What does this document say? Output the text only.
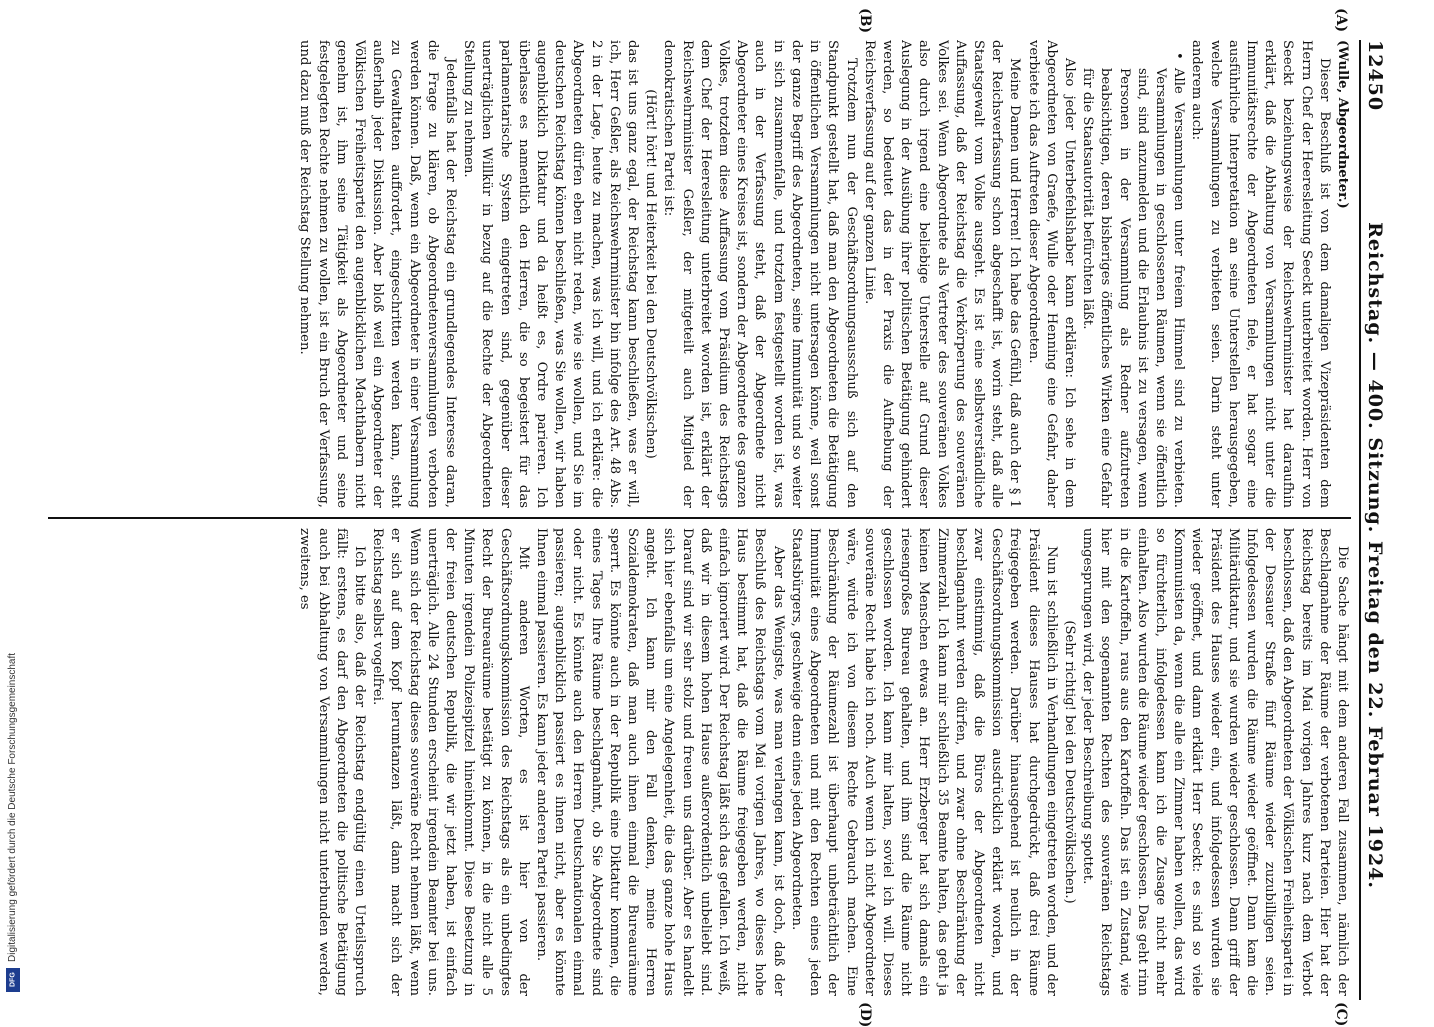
12450
Reichstag. — 400. Sitzung. Freitag den 22. Februar 1924.
(A)
(B)
(C)
(D)

(Wulle, Abgeordneter.)

Dieser Beschluß ist von dem damaligen Vizepräsidenten dem Herrn Chef der Heeresleitung Seeckt unterbreitet worden. Herr von Seeckt beziehungsweise der Reichswehrminister hat daraufhin erklärt, daß die Abhaltung von Versammlungen nicht unter die Immunitätsrechte der Abgeordneten fiele, er hat sogar eine ausführliche Interpretation an seine Unterstellen herausgegeben, welche Versammlungen zu verbieten seien. Darin steht unter anderem auch:

• Alle Versammlungen unter freiem Himmel sind zu verbieten. Versammlungen in geschlossenen Räumen, wenn sie öffentlich sind, sind anzumelden und die Erlaubnis ist zu versagen, wenn Personen in der Versammlung als Redner aufzutreten beabsichtigen, deren bisheriges öffentliches Wirken eine Gefahr für die Staatsautorität befürchten läßt.

Also jeder Unterbefehlshaber kann erklären: Ich sehe in dem Abgeordneten von Graefe, Wulle oder Henning eine Gefahr, daher verbiete ich das Auftreten dieser Abgeordneten.

Meine Damen und Herren! Ich habe das Gefühl, daß auch der § 1 der Reichsverfassung schon abgeschafft ist, worin steht, daß alle Staatsgewalt vom Volke ausgeht. Es ist eine selbstverständliche Auffassung, daß der Reichstag die Verkörperung des souveränen Volkes sei. Wenn Abgeordnete als Vertreter des souveränen Volkes also durch irgend eine beliebige Unterstelle auf Grund dieser Auslegung in der Ausübung ihrer politischen Betätigung gehindert werden, so bedeutet das in der Praxis die Aufhebung der Reichsverfassung auf der ganzen Linie.

Trotzdem nun der Geschäftsordnungsausschuß sich auf den Standpunkt gestellt hat, daß man den Abgeordneten die Betätigung in öffentlichen Versammlungen nicht untersagen könne, weil sonst der ganze Begriff des Abgeordneten, seine Immunität und so weiter in sich zusammenfalle, und trotzdem festgestellt worden ist, was auch in der Verfassung steht, daß der Abgeordnete nicht Abgeordneter eines Kreises ist, sondern der Abgeordnete des ganzen Volkes, trotzdem diese Auffassung vom Präsidium des Reichstags dem Chef der Heeresleitung unterbreitet worden ist, erklärt der Reichswehrminister Geßler, der mitgeteilt auch Mitglied der demokratischen Partei ist:

(Hört! hört! und Heiterkeit bei den Deutschvölkischen)

das ist uns ganz egal, der Reichstag kann beschließen, was er will, ich, Herr Geßler, als Reichswehrminister bin infolge des Art. 48 Abs. 2 in der Lage, heute zu machen, was ich will, und ich erkläre: die Abgeordneten dürfen eben nicht reden, wie sie wollen, und Sie im deutschen Reichstag können beschließen, was Sie wollen, wir haben augenblicklich Diktatur und da heißt es, Ordre parieren. Ich überlasse es namentlich den Herren, die so begeistert für das parlamentarische System eingetreten sind, gegenüber dieser unerträglichen Willkür in bezug auf die Rechte der Abgeordneten Stellung zu nehmen.

Jedenfalls hat der Reichstag ein grundlegendes Interesse daran, die Frage zu klären, ob Abgeordnetenversammlungen verboten werden können. Daß, wenn ein Abgeordneter in einer Versammlung zu Gewalttaten auffordert, eingeschritten werden kann, steht außerhalb jeder Diskussion. Aber bloß weil ein Abgeordneter der Völkischen Freiheitspartei den augenblicklichen Machthabern nicht genehm ist, ihm seine Tätigkeit als Abgeordneter und seine festgelegten Rechte nehmen zu wollen, ist ein Bruch der Verfassung, und dazu muß der Reichstag Stellung nehmen.

Die Sache hängt mit dem anderen Fall zusammen, nämlich der Beschlagnahme der Räume der verbotenen Parteien. Hier hat der Reichstag bereits im Mai vorigen Jahres kurz nach dem Verbot beschlossen, daß den Abgeordneten der Völkischen Freiheitspartei in der Dessauer Straße fünf Räume wieder zuzubilligen seien. Infolgedessen wurden die Räume wieder geöffnet. Dann kam die Militärdiktatur, und sie wurden wieder geschlossen. Dann griff der Präsident des Hauses wieder ein, und infolgedessen wurden sie wieder geöffnet, und dann erklärt Herr Seeckt: es sind so viele Kommunisten da, wenn die alle ein Zimmer haben wollen, das wird so fürchterlich, infolgedessen kann ich die Zusage nicht mehr einhalten. Also wurden die Räume wieder geschlossen. Das geht rinn in die Kartoffeln, raus aus den Kartoffeln. Das ist ein Zustand, wie hier mit den sogenannten Rechten des souveränen Reichstags umgesprungen wird, der jeder Beschreibung spottet.

(Sehr richtig! bei den Deutschvölkischen.)

Nun ist schließlich in Verhandlungen eingetreten worden, und der Präsident dieses Hauses hat durchgedrückt, daß drei Räume freigegeben werden. Darüber hinausgehend ist neulich in der Geschäftsordnungskommission ausdrücklich erklärt worden, und zwar einstimmig, daß die Büros der Abgeordneten nicht beschlagnahmt werden dürfen, und zwar ohne Beschränkung der Zimmerzahl. Ich kann mir schließlich 35 Beamte halten, das geht ja keinen Menschen etwas an. Herr Erzberger hat sich damals ein riesengroßes Bureau gehalten, und ihm sind die Räume nicht geschlossen worden. Ich kann mir halten, soviel ich will. Dieses souveräne Recht habe ich noch. Auch wenn ich nicht Abgeordneter wäre, würde ich von diesem Rechte Gebrauch machen. Eine Beschränkung der Räumezahl ist überhaupt unbeträchtlich der Immunität eines Abgeordneten und mit den Rechten eines jeden Staatsbürgers, geschweige denn eines jeden Abgeordneten.

Aber das Wenigste, was man verlangen kann, ist doch, daß der Beschluß des Reichstags vom Mai vorigen Jahres, wo dieses hohe Haus bestimmt hat, daß die Räume freigegeben werden, nicht einfach ignoriert wird. Der Reichstag läßt sich das gefallen. Ich weiß, daß wir in diesem hohen Hause außerordentlich unbeliebt sind. Darauf sind wir sehr stolz und freuen uns darüber. Aber es handelt sich hier ebenfalls um eine Angelegenheit, die das ganze hohe Haus angeht. Ich kann mir den Fall denken, meine Herren Sozialdemokraten, daß man auch ihnen einmal die Bureauräume sperrt. Es könnte auch in der Republik eine Diktatur kommen, die eines Tages Ihre Räume beschlagnahmt, ob Sie Abgeordnete sind oder nicht. Es könnte auch den Herren Deutschnationalen einmal passieren; augenblicklich passiert es ihnen nicht, aber es könnte Ihnen einmal passieren. Es kann jeder anderen Partei passieren.

Mit anderen Worten, es ist hier von der Geschäftsordnungskommission des Reichstags als ein unbedingtes Recht der Bureauräume bestätigt zu können, in die nicht alle 5 Minuten irgendein Polizeispitzel hineinkommt. Diese Besetzung in der freien deutschen Republik, die wir jetzt haben, ist einfach unerträglich. Alle 24 Stunden erscheint irgendein Beamter bei uns. Wenn sich der Reichstag dieses souveräne Recht nehmen läßt, wenn er sich auf dem Kopf herumtanzen läßt, dann macht sich der Reichstag selbst vogelfrei.

Ich bitte also, daß der Reichstag endgültig einen Urteilsspruch fällt: erstens, es darf den Abgeordneten die politische Betätigung auch bei Abhaltung von Versammlungen nicht unterbunden werden, zweitens, es

Digitalisierung gefördert durch die Deutsche Forschungsgemeinschaft
DFG
